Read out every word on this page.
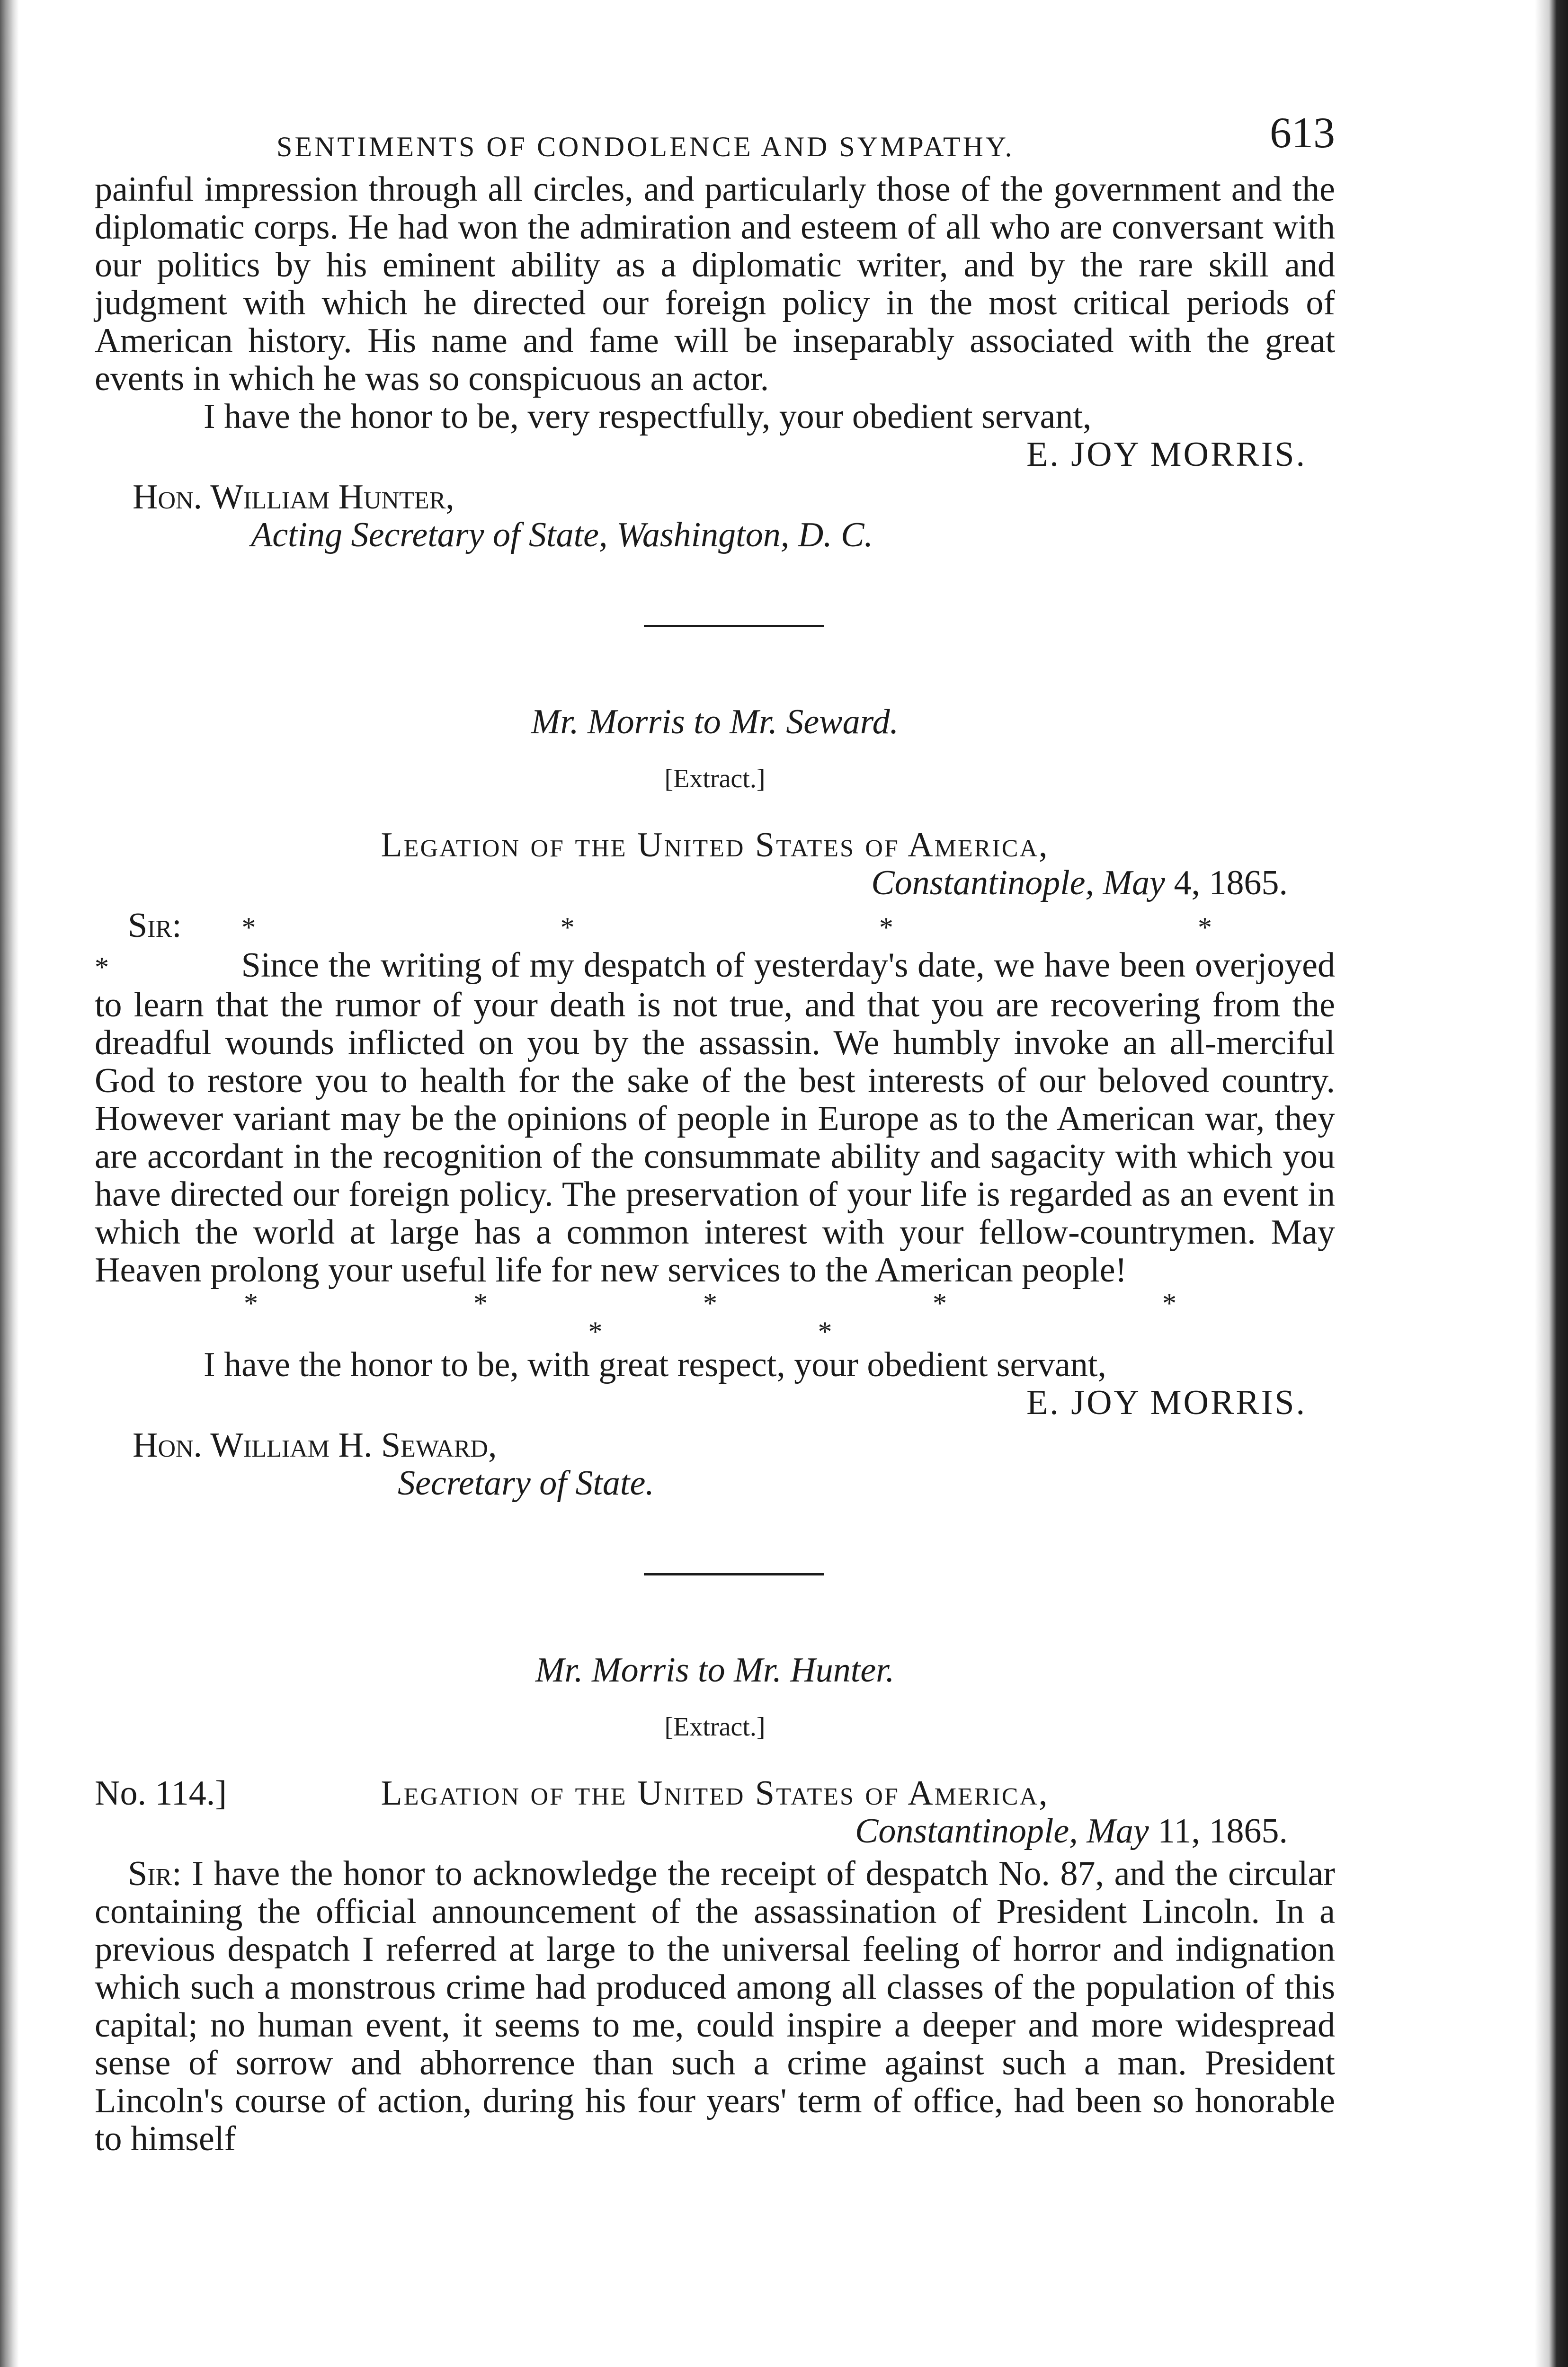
SENTIMENTS OF CONDOLENCE AND SYMPATHY.	613

painful impression through all circles, and particularly those of the government and the diplomatic corps. He had won the admiration and esteem of all who are conversant with our politics by his eminent ability as a diplomatic writer, and by the rare skill and judgment with which he directed our foreign policy in the most critical periods of American history. His name and fame will be inseparably associated with the great events in which he was so conspicuous an actor.

I have the honor to be, very respectfully, your obedient servant,

E. JOY MORRIS.

Hon. William Hunter,
Acting Secretary of State, Washington, D. C.

Mr. Morris to Mr. Seward.

[Extract.]

Legation of the United States of America,

Constantinople, May 4, 1865.

Sir: * * * * * Since the writing of my despatch of yesterday's date, we have been overjoyed to learn that the rumor of your death is not true, and that you are recovering from the dreadful wounds inflicted on you by the assassin. We humbly invoke an all-merciful God to restore you to health for the sake of the best interests of our beloved country. However variant may be the opinions of people in Europe as to the American war, they are accordant in the recognition of the consummate ability and sagacity with which you have directed our foreign policy. The preservation of your life is regarded as an event in which the world at large has a common interest with your fellow-countrymen. May Heaven prolong your useful life for new services to the American people!

* * * * * * *

I have the honor to be, with great respect, your obedient servant,

E. JOY MORRIS.

Hon. William H. Seward,
Secretary of State.

Mr. Morris to Mr. Hunter.

[Extract.]

No. 114.]	Legation of the United States of America,

Constantinople, May 11, 1865.

Sir: I have the honor to acknowledge the receipt of despatch No. 87, and the circular containing the official announcement of the assassination of President Lincoln. In a previous despatch I referred at large to the universal feeling of horror and indignation which such a monstrous crime had produced among all classes of the population of this capital; no human event, it seems to me, could inspire a deeper and more widespread sense of sorrow and abhorrence than such a crime against such a man. President Lincoln's course of action, during his four years' term of office, had been so honorable to himself
